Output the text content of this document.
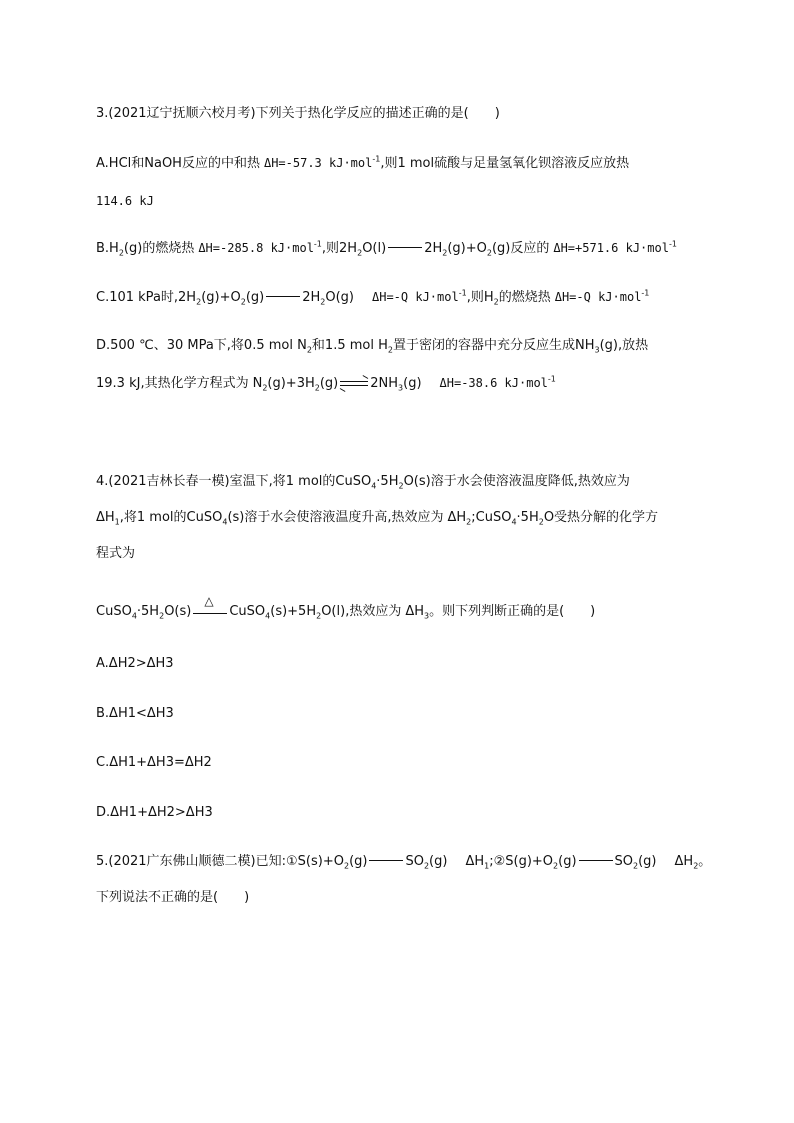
3.(2021辽宁抚顺六校月考)下列关于热化学反应的描述正确的是(　　)
A.HCl和NaOH反应的中和热 ΔH=-57.3 kJ·mol$^{-1}$,则1 mol硫酸与足量氢氧化钡溶液反应放热
114.6 kJ
$B.H_2(g)$的燃烧热 ΔH=-285.8 kJ·mol$^{-1}$,则$2H_2O(l)$	$2H_2(g)+O_2(g)$反应的 ΔH=+571.6 kJ·mol$^{-1}$
C.101 kPa时$,2H_2(g)+O_2(g)$	$2H_2O(g)$ ΔH=-Q kJ·mol$^{-1}$,则$H_2$的燃烧热 ΔH=-Q kJ·mol$^{-1}$
D.500 ℃、30 MPa下,将0.5 mol $N_2$和1.5 mol $H_2$置于密闭的容器中充分反应生成$NH_3(g)$,放热
19.3 kJ,其热化学方程式为 $N_2(g)+3H_2(g)$ $2NH_3(g)$ ΔH=-38.6 kJ·mol$^{-1}$
4.(2021吉林长春一模)室温下,将1 mol的$CuSO_4\cdot 5H_2O(s)$溶于水会使溶液温度降低,热效应为
$\Delta H_1$,将1 mol的CuSO$_4$(s)溶于水会使溶液温度升高,热效应为 $\Delta H_2;CuSO_4\cdot 5H_2O$受热分解的化学方
程式为
$CuSO_4\cdot 5H_2O(s)$
△
$CuSO_4(s)+5H_2O(l)$,热效应为 $\Delta H_3$。则下列判断正确的是(　　)
A.ΔH2>ΔH3
B.ΔH1<ΔH3
C.ΔH1+ΔH3=ΔH2
D.ΔH1+ΔH2>ΔH3
5.(2021广东佛山顺德二模)已知$:①S(s)+O_2(g)$	$SO_2(g)$ $\Delta H_1;②S(g)+O_2(g)$	$SO_2(g)$ $\Delta H_2$。
下列说法不正确的是(　　)
